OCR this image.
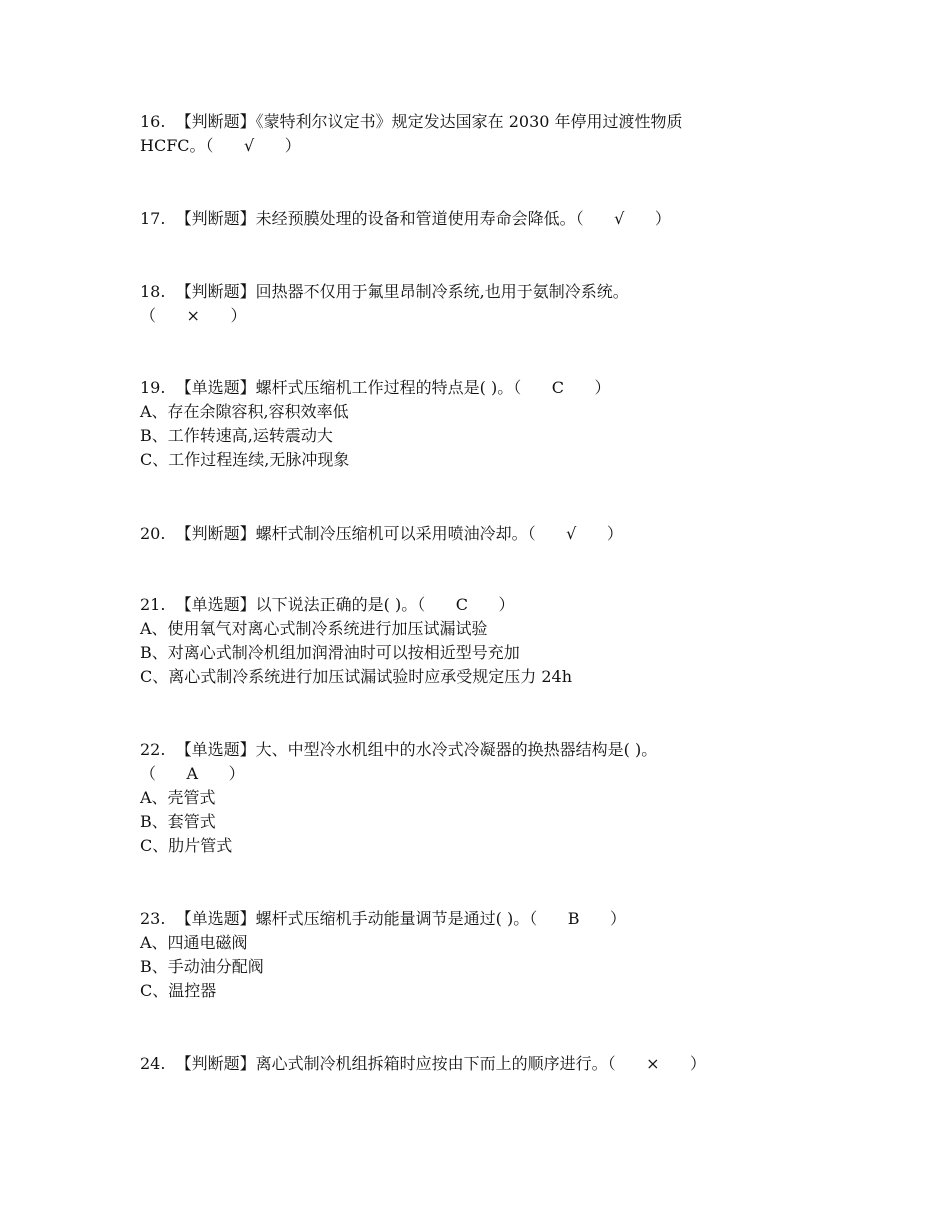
16.  【判断题】《蒙特利尔议定书》规定发达国家在 2030 年停用过渡性物质
HCFC。（      √      ）
17.  【判断题】未经预膜处理的设备和管道使用寿命会降低。（      √      ）
18.  【判断题】回热器不仅用于氟里昂制冷系统,也用于氨制冷系统。
（      ×      ）
19.  【单选题】螺杆式压缩机工作过程的特点是( )。（      C      ）
A、存在余隙容积,容积效率低
B、工作转速高,运转震动大
C、工作过程连续,无脉冲现象
20.  【判断题】螺杆式制冷压缩机可以采用喷油冷却。（      √      ）
21.  【单选题】以下说法正确的是( )。（      C      ）
A、使用氧气对离心式制冷系统进行加压试漏试验
B、对离心式制冷机组加润滑油时可以按相近型号充加
C、离心式制冷系统进行加压试漏试验时应承受规定压力 24h
22.  【单选题】大、中型冷水机组中的水冷式冷凝器的换热器结构是( )。
（      A      ）
A、壳管式
B、套管式
C、肋片管式
23.  【单选题】螺杆式压缩机手动能量调节是通过( )。（      B      ）
A、四通电磁阀
B、手动油分配阀
C、温控器
24.  【判断题】离心式制冷机组拆箱时应按由下而上的顺序进行。（      ×      ）
